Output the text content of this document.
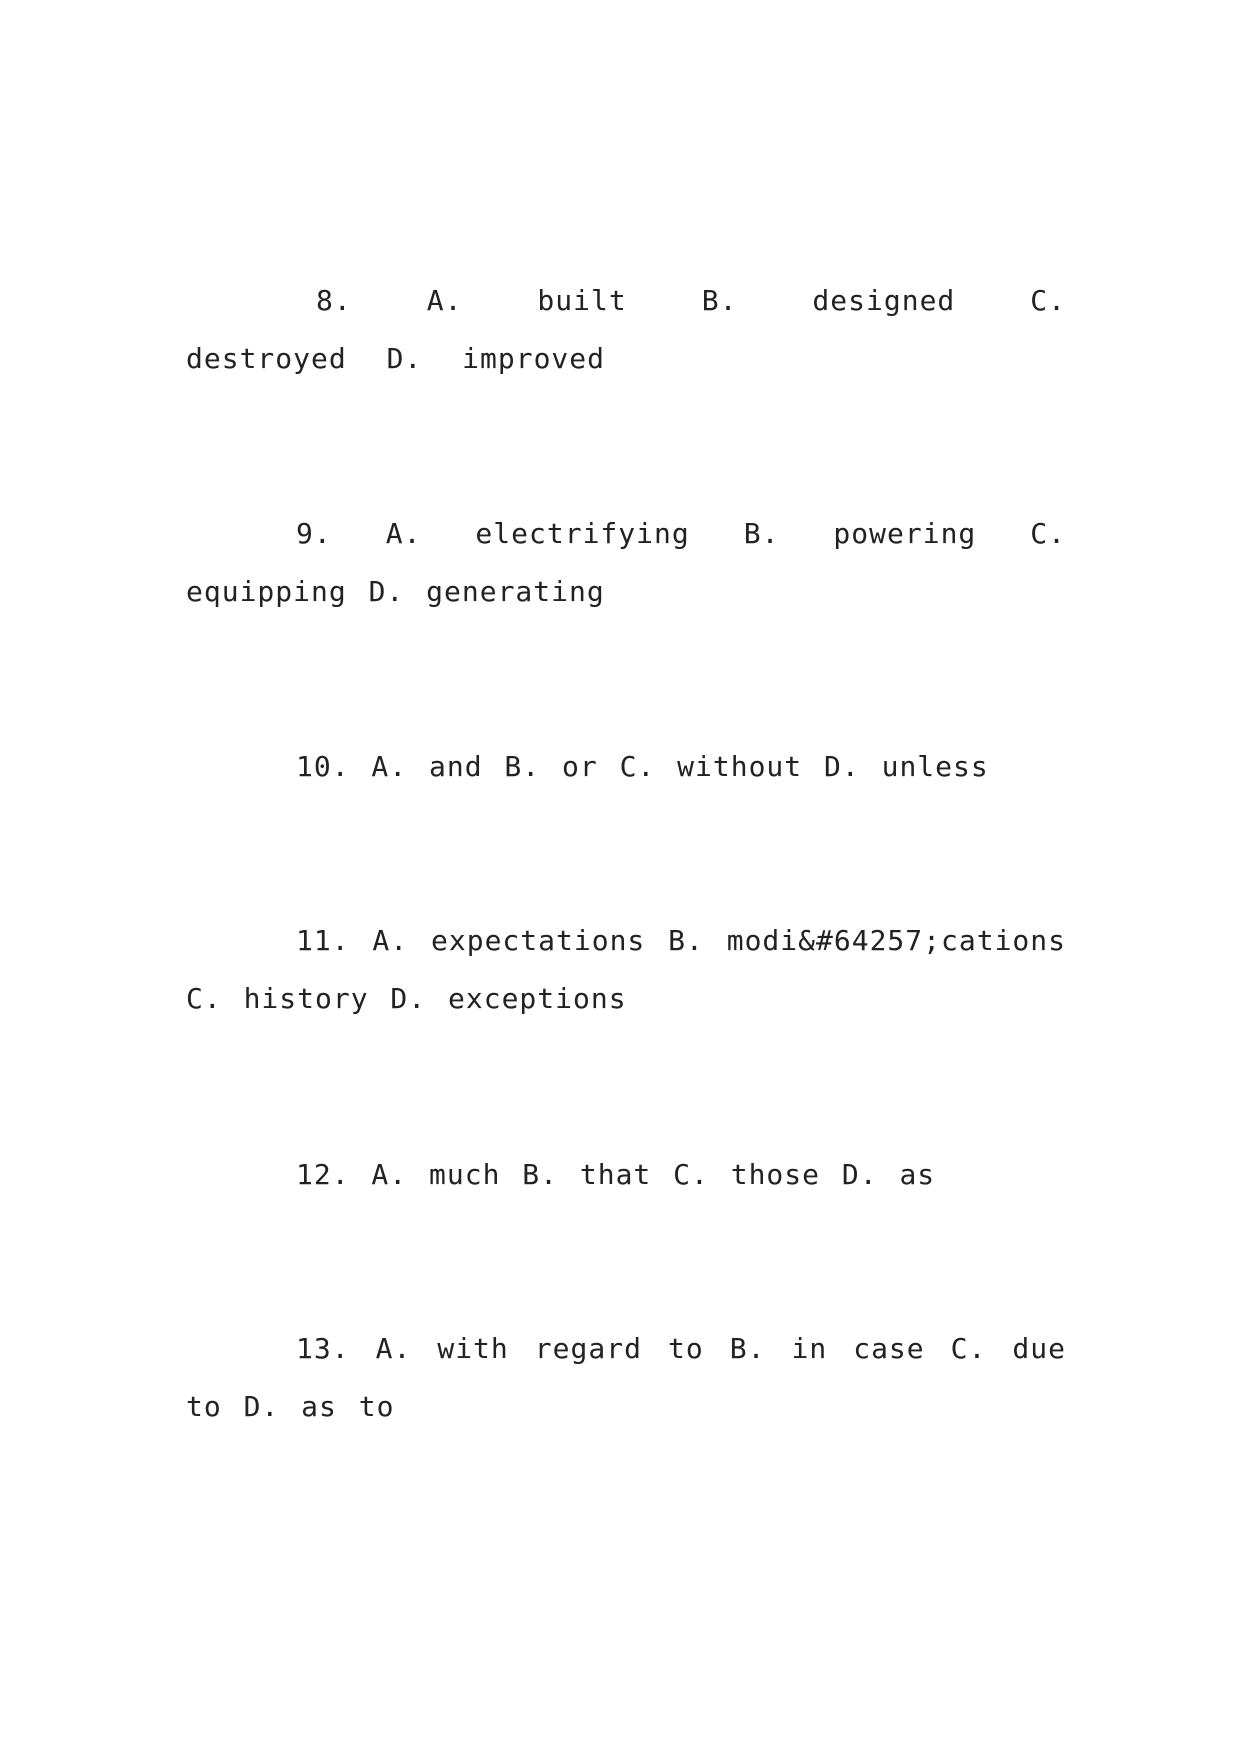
8. A. built B. designed C. destroyed D. improved
9. A. electrifying B. powering C. equipping D. generating
10. A. and B. or C. without D. unless
11. A. expectations B. modi&#64257;cations C. history D. exceptions
12. A. much B. that C. those D. as
13. A. with regard to B. in case C. due to D. as to
